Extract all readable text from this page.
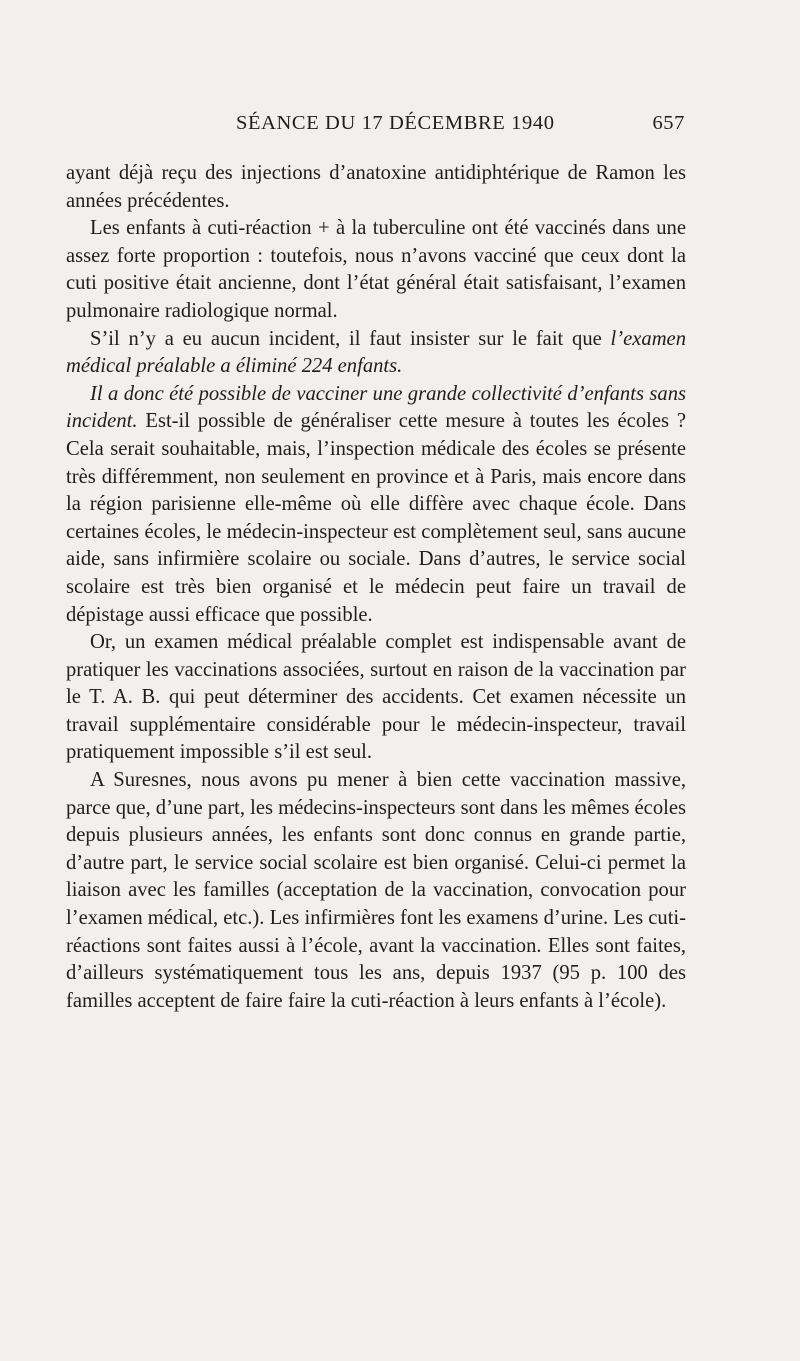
SÉANCE DU 17 DÉCEMBRE 1940	657

ayant déjà reçu des injections d’anatoxine antidiphtérique de Ramon les années précédentes.

Les enfants à cuti-réaction + à la tuberculine ont été vaccinés dans une assez forte proportion : toutefois, nous n’avons vacciné que ceux dont la cuti positive était ancienne, dont l’état général était satisfaisant, l’examen pulmonaire radiologique normal.

S’il n’y a eu aucun incident, il faut insister sur le fait que l’examen médical préalable a éliminé 224 enfants.

Il a donc été possible de vacciner une grande collectivité d’enfants sans incident. Est-il possible de généraliser cette mesure à toutes les écoles ? Cela serait souhaitable, mais, l’inspection médicale des écoles se présente très différemment, non seulement en province et à Paris, mais encore dans la région parisienne elle-même où elle diffère avec chaque école. Dans certaines écoles, le médecin-inspecteur est complètement seul, sans aucune aide, sans infirmière scolaire ou sociale. Dans d’autres, le service social scolaire est très bien organisé et le médecin peut faire un travail de dépistage aussi efficace que possible.

Or, un examen médical préalable complet est indispensable avant de pratiquer les vaccinations associées, surtout en raison de la vaccination par le T. A. B. qui peut déterminer des accidents. Cet examen nécessite un travail supplémentaire considérable pour le médecin-inspecteur, travail pratiquement impossible s’il est seul.

A Suresnes, nous avons pu mener à bien cette vaccination massive, parce que, d’une part, les médecins-inspecteurs sont dans les mêmes écoles depuis plusieurs années, les enfants sont donc connus en grande partie, d’autre part, le service social scolaire est bien organisé. Celui-ci permet la liaison avec les familles (acceptation de la vaccination, convocation pour l’examen médical, etc.). Les infirmières font les examens d’urine. Les cuti-réactions sont faites aussi à l’école, avant la vaccination. Elles sont faites, d’ailleurs systématiquement tous les ans, depuis 1937 (95 p. 100 des familles acceptent de faire faire la cuti-réaction à leurs enfants à l’école).
